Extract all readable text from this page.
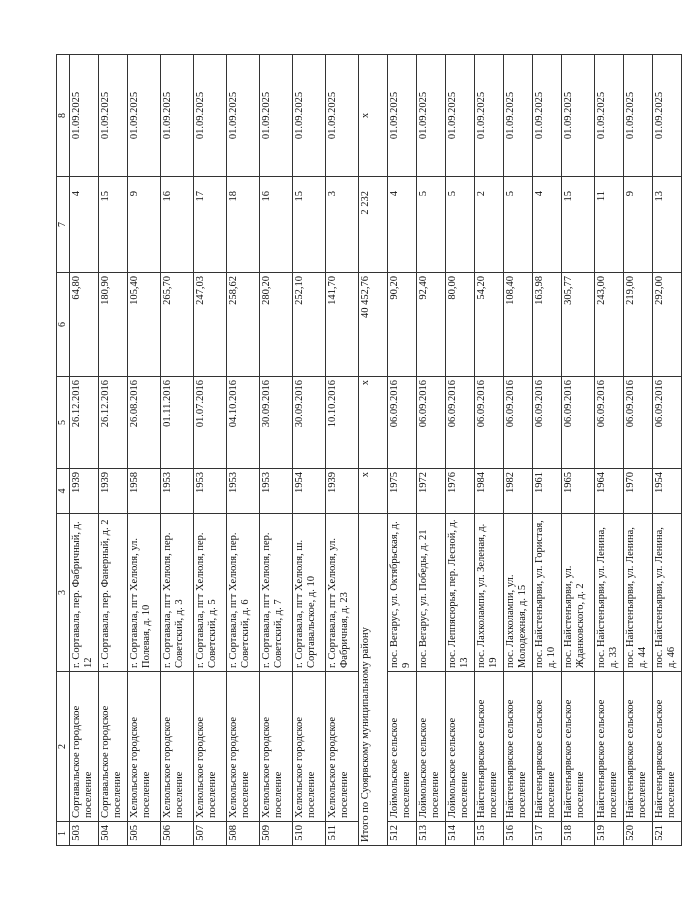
1	2	3	4	5	6	7	8
503	Сортавальское городское поселение	г. Сортавала, пер. Фабричный, д. 12	1939	26.12.2016	64,80	4	01.09.2025
504	Сортавальское городское поселение	г. Сортавала, пер. Фанерный, д. 2	1939	26.12.2016	180,90	15	01.09.2025
505	Хелюльское городское поселение	г. Сортавала, пгт Хелюля, ул. Полевая, д. 10	1958	26.08.2016	105,40	9	01.09.2025
506	Хелюльское городское поселение	г. Сортавала, пгт Хелюля, пер. Советский, д. 3	1953	01.11.2016	265,70	16	01.09.2025
507	Хелюльское городское поселение	г. Сортавала, пгт Хелюля, пер. Советский, д. 5	1953	01.07.2016	247,03	17	01.09.2025
508	Хелюльское городское поселение	г. Сортавала, пгт Хелюля, пер. Советский, д. 6	1953	04.10.2016	258,62	18	01.09.2025
509	Хелюльское городское поселение	г. Сортавала, пгт Хелюля, пер. Советский, д. 7	1953	30.09.2016	280,20	16	01.09.2025
510	Хелюльское городское поселение	г. Сортавала, пгт Хелюля, ш. Сортавальское, д. 10	1954	30.09.2016	252,10	15	01.09.2025
511	Хелюльское городское поселение	г. Сортавала, пгт Хелюля, ул. Фабричная, д. 23	1939	10.10.2016	141,70	3	01.09.2025
Итого по Суоярвскому муниципальному району			х	х	40 452,76	2 232	х
512	Лоймольское сельское поселение	пос. Вегарус, ул. Октябрьская, д. 9	1975	06.09.2016	90,20	4	01.09.2025
513	Лоймольское сельское поселение	пос. Вегарус, ул. Победы, д. 21	1972	06.09.2016	92,40	5	01.09.2025
514	Лоймольское сельское поселение	пос. Леппясюрья, пер. Лесной, д. 13	1976	06.09.2016	80,00	5	01.09.2025
515	Найстенъярвское сельское поселение	пос. Лахколампи, ул. Зеленая, д. 19	1984	06.09.2016	54,20	2	01.09.2025
516	Найстенъярвское сельское поселение	пос. Лахколампи, ул. Молодежная, д. 15	1982	06.09.2016	108,40	5	01.09.2025
517	Найстенъярвское сельское поселение	пос. Найстенъярви, ул. Гористая, д. 10	1961	06.09.2016	163,98	4	01.09.2025
518	Найстенъярвское сельское поселение	пос. Найстенъярви, ул. Жданковского, д. 2	1965	06.09.2016	305,77	15	01.09.2025
519	Найстенъярвское сельское поселение	пос. Найстенъярви, ул. Ленина, д. 33	1964	06.09.2016	243,00	11	01.09.2025
520	Найстенъярвское сельское поселение	пос. Найстенъярви, ул. Ленина, д. 44	1970	06.09.2016	219,00	9	01.09.2025
521	Найстенъярвское сельское поселение	пос. Найстенъярви, ул. Ленина, д. 46	1954	06.09.2016	292,00	13	01.09.2025
